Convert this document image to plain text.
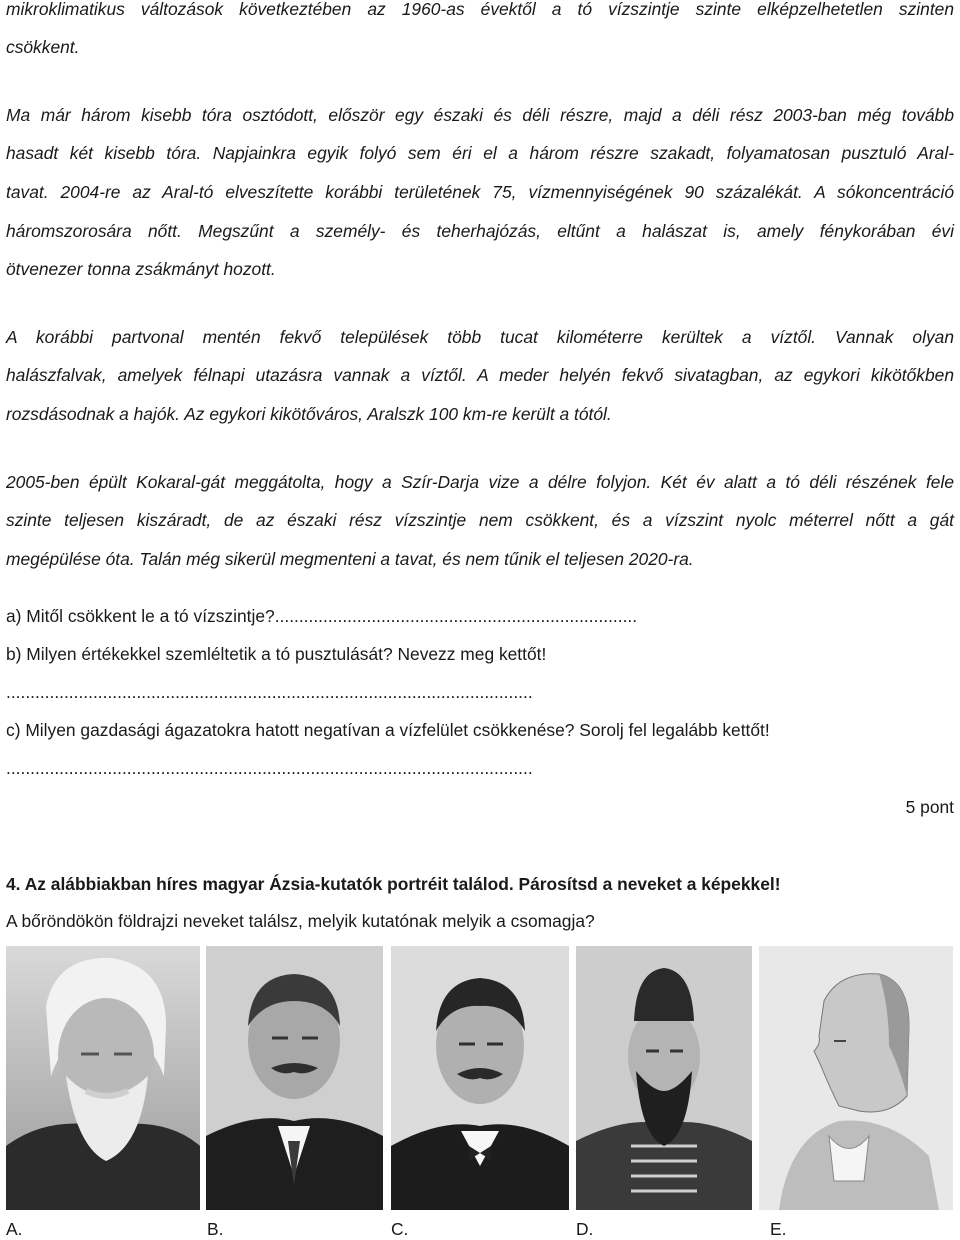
mikroklimatikus változások következtében az 1960-as évektől a tó vízszintje szinte elképzelhetetlen szinten
csökkent.
Ma már három kisebb tóra osztódott, először egy északi és déli részre, majd a déli rész 2003-ban még tovább
hasadt két kisebb tóra. Napjainkra egyik folyó sem éri el a három részre szakadt, folyamatosan pusztuló Aral-
tavat. 2004-re az Aral-tó elveszítette korábbi területének 75, vízmennyiségének 90 százalékát. A sókoncentráció
háromszorosára nőtt. Megszűnt a személy- és teherhajózás, eltűnt a halászat is, amely fénykorában évi
ötvenezer tonna zsákmányt hozott.
A korábbi partvonal mentén fekvő települések több tucat kilométerre kerültek a víztől. Vannak olyan
halászfalvak, amelyek félnapi utazásra vannak a víztől. A meder helyén fekvő sivatagban, az egykori kikötőkben
rozsdásodnak a hajók. Az egykori kikötőváros, Aralszk 100 km-re került a tótól.
2005-ben épült Kokaral-gát meggátolta, hogy a Szír-Darja vize a délre folyjon. Két év alatt a tó déli részének fele
szinte teljesen kiszáradt, de az északi rész vízszintje nem csökkent, és a vízszint nyolc méterrel nőtt a gát
megépülése óta. Talán még sikerül megmenteni a tavat, és nem tűnik el teljesen 2020-ra.
a) Mitől csökkent le a tó vízszintje?...........................................................................
b) Milyen értékekkel szemléltetik a tó pusztulását? Nevezz meg kettőt!
.............................................................................................................
c) Milyen gazdasági ágazatokra hatott negatívan a vízfelület csökkenése? Sorolj fel legalább kettőt!
.............................................................................................................
5 pont
4. Az alábbiakban híres magyar Ázsia-kutatók portréit találod. Párosítsd a neveket a képekkel!
A bőröndökön földrajzi neveket találsz, melyik kutatónak melyik a csomagja?
A.	B.	C.	D.	E.
